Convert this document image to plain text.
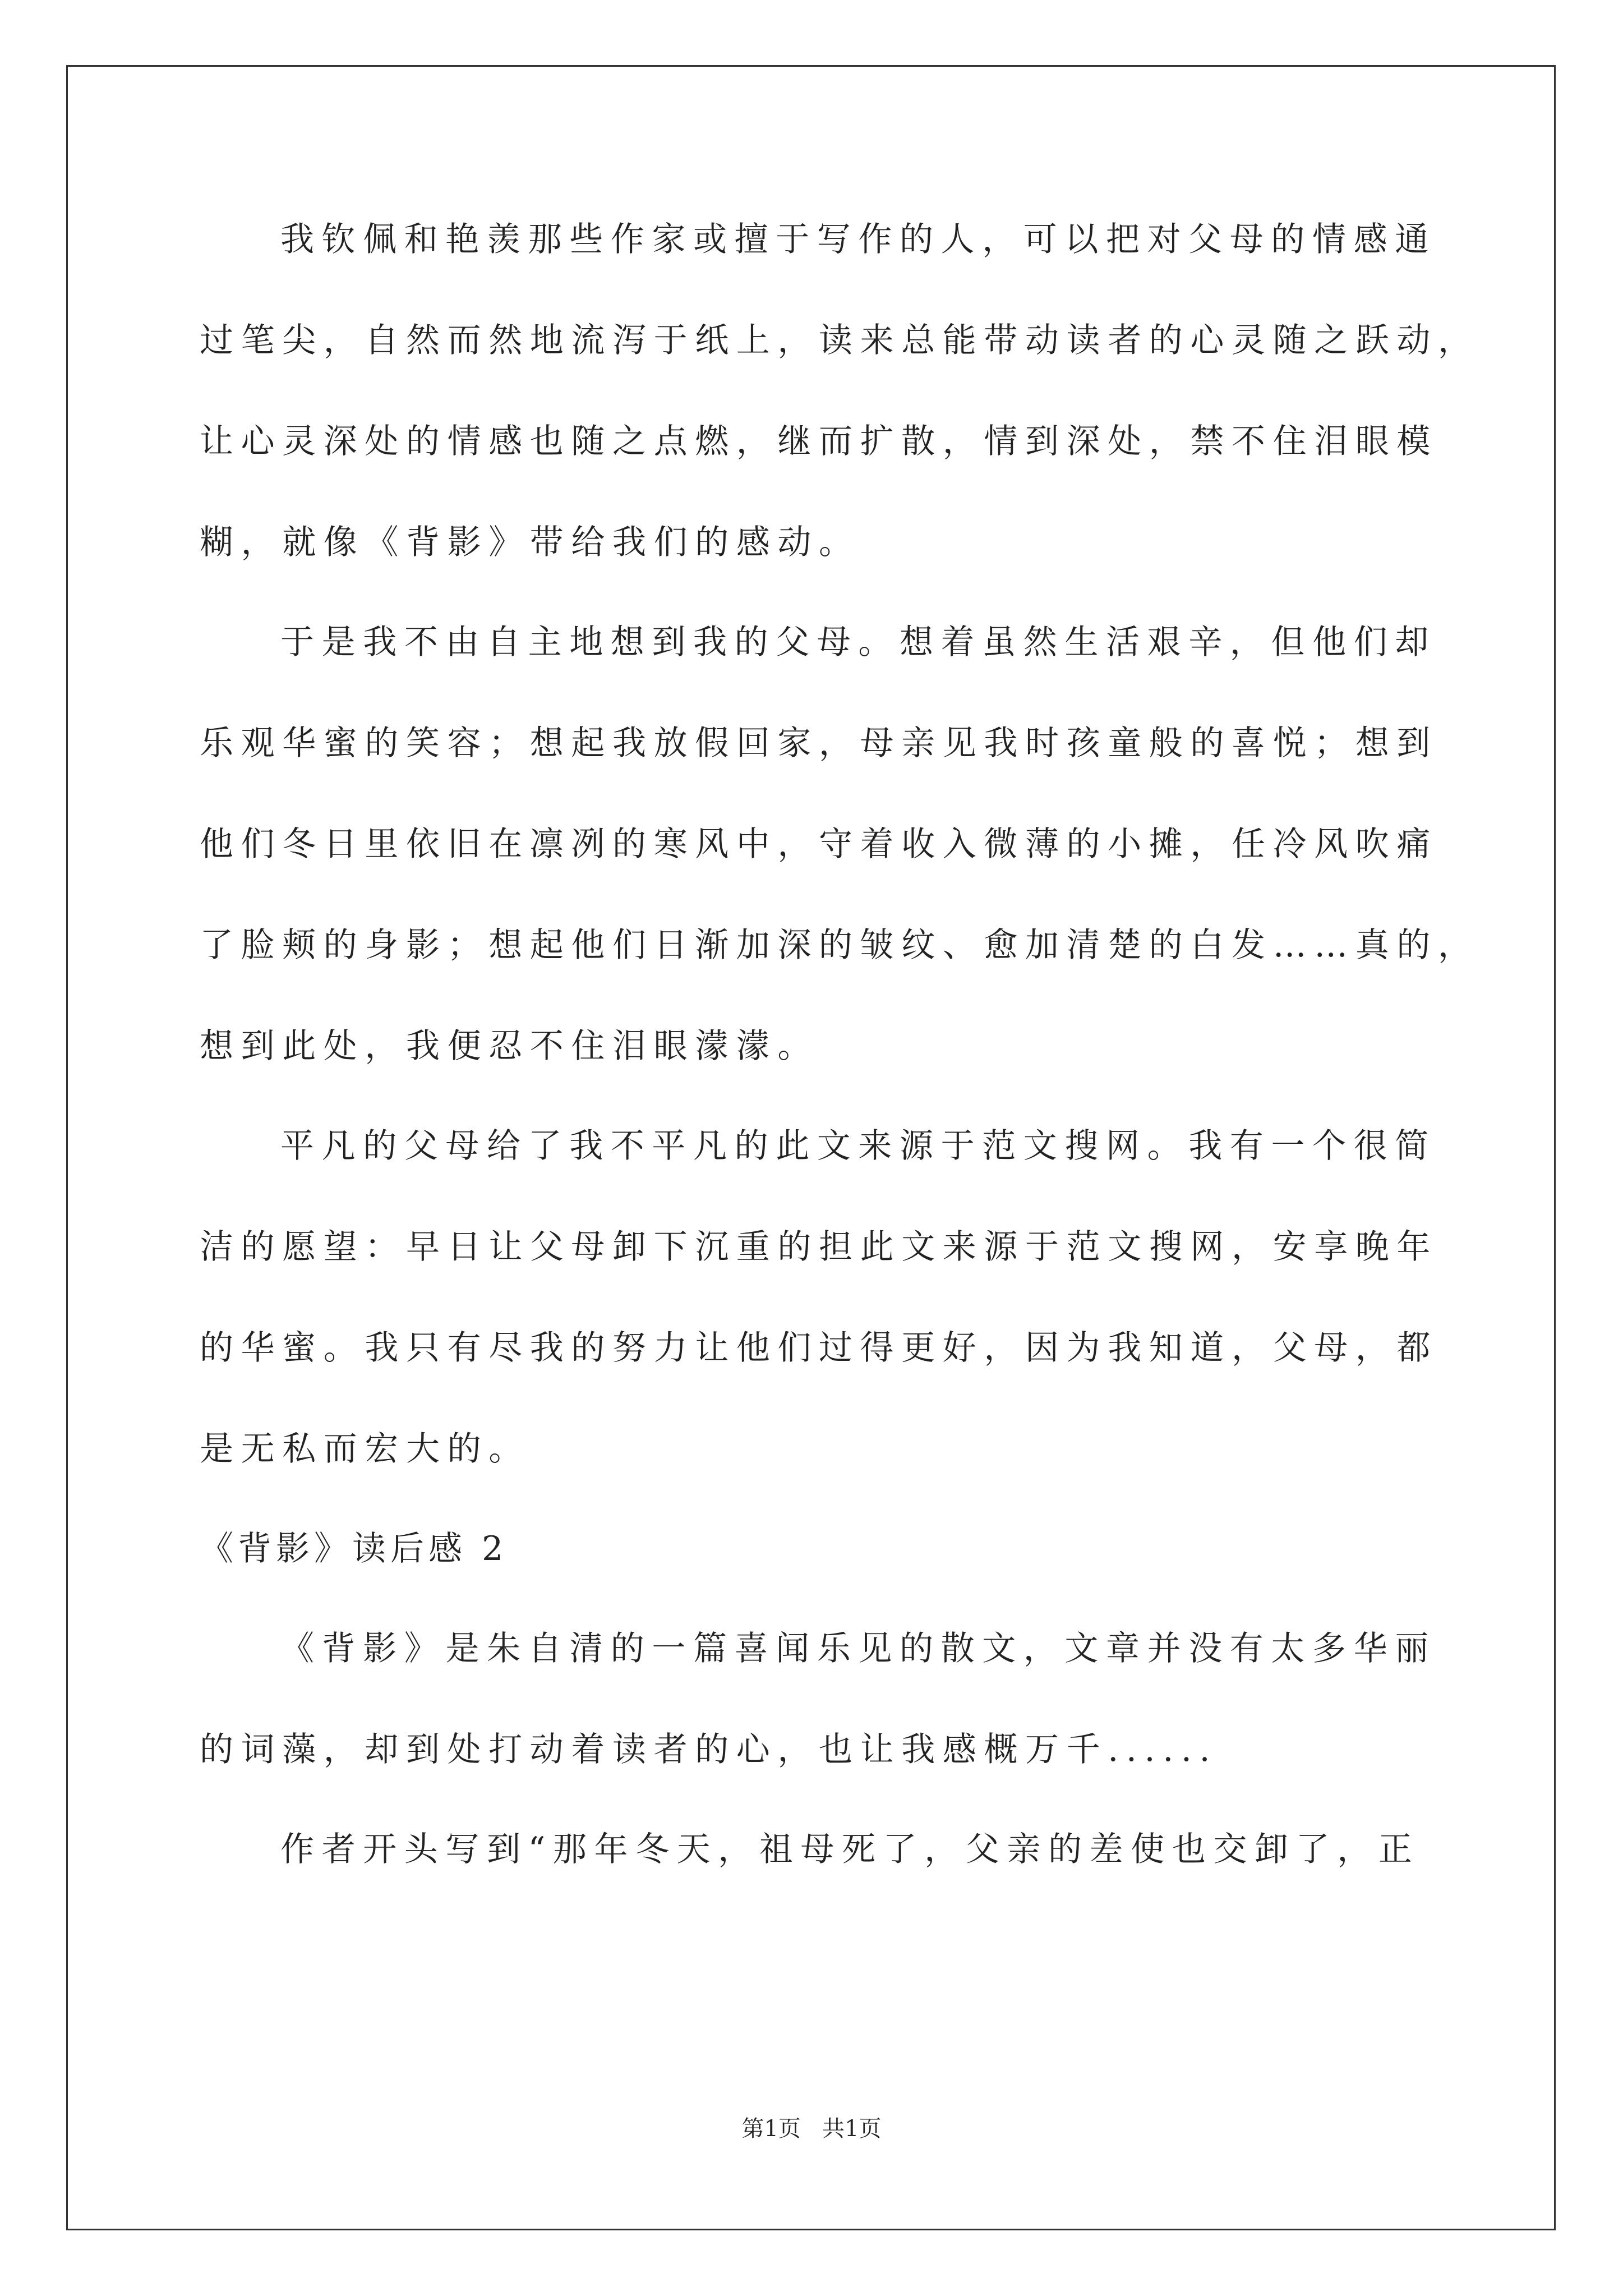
我钦佩和艳羡那些作家或擅于写作的人，可以把对父母的情感通
过笔尖，自然而然地流泻于纸上，读来总能带动读者的心灵随之跃动，
让心灵深处的情感也随之点燃，继而扩散，情到深处，禁不住泪眼模
糊，就像《背影》带给我们的感动。
于是我不由自主地想到我的父母。想着虽然生活艰辛，但他们却
乐观华蜜的笑容；想起我放假回家，母亲见我时孩童般的喜悦；想到
他们冬日里依旧在凛冽的寒风中，守着收入微薄的小摊，任冷风吹痛
了脸颊的身影；想起他们日渐加深的皱纹、愈加清楚的白发……真的，
想到此处，我便忍不住泪眼濛濛。
平凡的父母给了我不平凡的此文来源于范文搜网。我有一个很简
洁的愿望：早日让父母卸下沉重的担此文来源于范文搜网，安享晚年
的华蜜。我只有尽我的努力让他们过得更好，因为我知道，父母，都
是无私而宏大的。
《背影》读后感 2
《背影》是朱自清的一篇喜闻乐见的散文，文章并没有太多华丽
的词藻，却到处打动着读者的心，也让我感概万千......
作者开头写到“那年冬天，祖母死了，父亲的差使也交卸了，正
第1页   共1页
